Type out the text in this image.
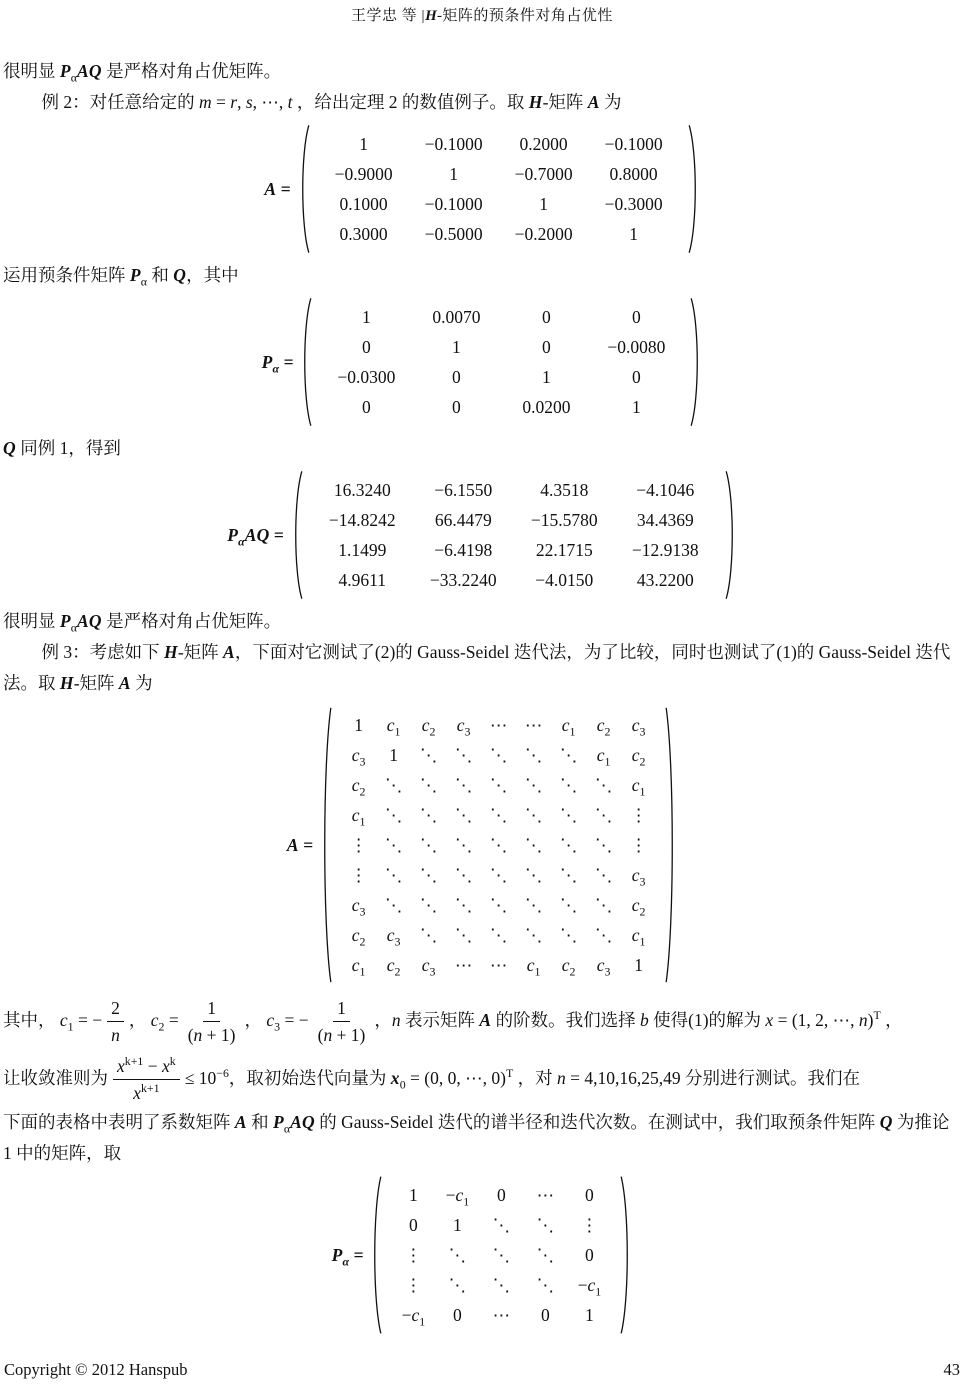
王学忠 等 |H-矩阵的预条件对角占优性

很明显 $P_\alpha AQ$ 是严格对角占优矩阵。

例 2：对任意给定的 m = r, s, ⋯, t ，给出定理 2 的数值例子。取 H-矩阵 A 为

A =
1	−0.1000	0.2000	−0.1000
−0.9000	1	−0.7000	0.8000
0.1000	−0.1000	1	−0.3000
0.3000	−0.5000	−0.2000	1

运用预条件矩阵 $P_\alpha$ 和 Q，其中

$P_\alpha$ =
1	0.0070	0	0
0	1	0	−0.0080
−0.0300	0	1	0
0	0	0.0200	1

Q 同例 1，得到

$P_\alpha AQ$ =
16.3240	−6.1550	4.3518	−4.1046
−14.8242	66.4479	−15.5780	34.4369
1.1499	−6.4198	22.1715	−12.9138
4.9611	−33.2240	−4.0150	43.2200

很明显 $P_\alpha AQ$ 是严格对角占优矩阵。

例 3：考虑如下 H-矩阵 A，下面对它测试了(2)的 Gauss-Seidel 迭代法，为了比较，同时也测试了(1)的 Gauss-Seidel 迭代法。取 H-矩阵 A 为

A =
1	$c_1$	$c_2$	$c_3$	⋯	⋯	$c_1$	$c_2$	$c_3$
$c_3$	1	⋱	⋱	⋱	⋱	⋱	$c_1$	$c_2$
$c_2$	⋱	⋱	⋱	⋱	⋱	⋱	⋱	$c_1$
$c_1$	⋱	⋱	⋱	⋱	⋱	⋱	⋱	⋮
⋮	⋱	⋱	⋱	⋱	⋱	⋱	⋱	⋮
⋮	⋱	⋱	⋱	⋱	⋱	⋱	⋱	$c_3$
$c_3$	⋱	⋱	⋱	⋱	⋱	⋱	⋱	$c_2$
$c_2$	$c_3$	⋱	⋱	⋱	⋱	⋱	⋱	$c_1$
$c_1$	$c_2$	$c_3$	⋯	⋯	$c_1$	$c_2$	$c_3$	1

其中， $c_1$ = − $\frac{2}{n}$ ， $c_2 = \frac{1}{(n + 1)}$ ， $c_3$ = − $\frac{1}{(n + 1)}$ ，n 表示矩阵 A 的阶数。我们选择 b 使得(1)的解为 x = (1, 2, ⋯, n)$^T$ ，

让收敛准则为 $\frac{x^{k+1} - x^k}{x^{k+1}} \le 10^{-6}$，取初始迭代向量为 $x_0 = (0$, 0, ⋯, 0)$^T$ ，对 n = 4,10,16,25,49 分别进行测试。我们在

下面的表格中表明了系数矩阵 A 和 $P_\alpha AQ$ 的 Gauss-Seidel 迭代的谱半径和迭代次数。在测试中，我们取预条件矩阵 Q 为推论 1 中的矩阵，取

$P_\alpha$ =
1	$-c_1$	0	⋯	0
0	1	⋱	⋱	⋮
⋮	⋱	⋱	⋱	0
⋮	⋱	⋱	⋱	$-c_1$
$-c_1$	0	⋯	0	1
Copyright © 2012 Hanspub	43
